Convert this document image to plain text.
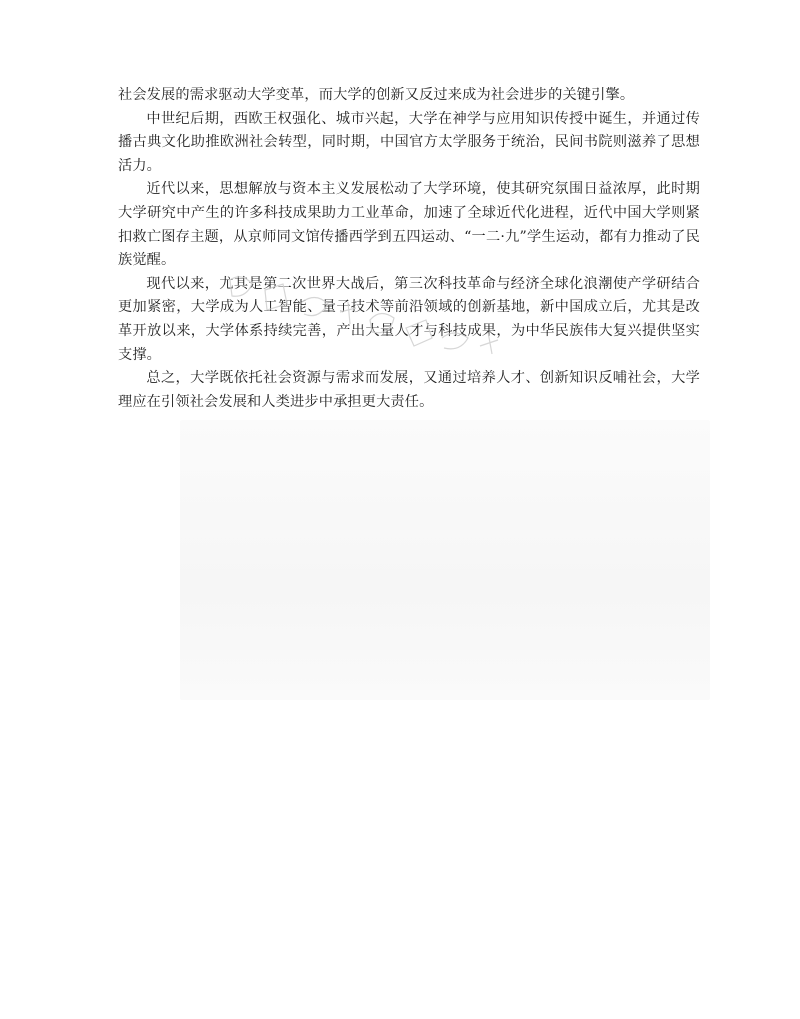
社会发展的需求驱动大学变革，而大学的创新又反过来成为社会进步的关键引擎。

中世纪后期，西欧王权强化、城市兴起，大学在神学与应用知识传授中诞生，并通过传播古典文化助推欧洲社会转型，同时期，中国官方太学服务于统治，民间书院则滋养了思想活力。

近代以来，思想解放与资本主义发展松动了大学环境，使其研究氛围日益浓厚，此时期大学研究中产生的许多科技成果助力工业革命，加速了全球近代化进程，近代中国大学则紧扣救亡图存主题，从京师同文馆传播西学到五四运动、“一二·九”学生运动，都有力推动了民族觉醒。

现代以来，尤其是第二次世界大战后，第三次科技革命与经济全球化浪潮使产学研结合更加紧密，大学成为人工智能、量子技术等前沿领域的创新基地，新中国成立后，尤其是改革开放以来，大学体系持续完善，产出大量人才与科技成果，为中华民族伟大复兴提供坚实支撑。

总之，大学既依托社会资源与需求而发展，又通过培养人才、创新知识反哺社会，大学理应在引领社会发展和人类进步中承担更大责任。
